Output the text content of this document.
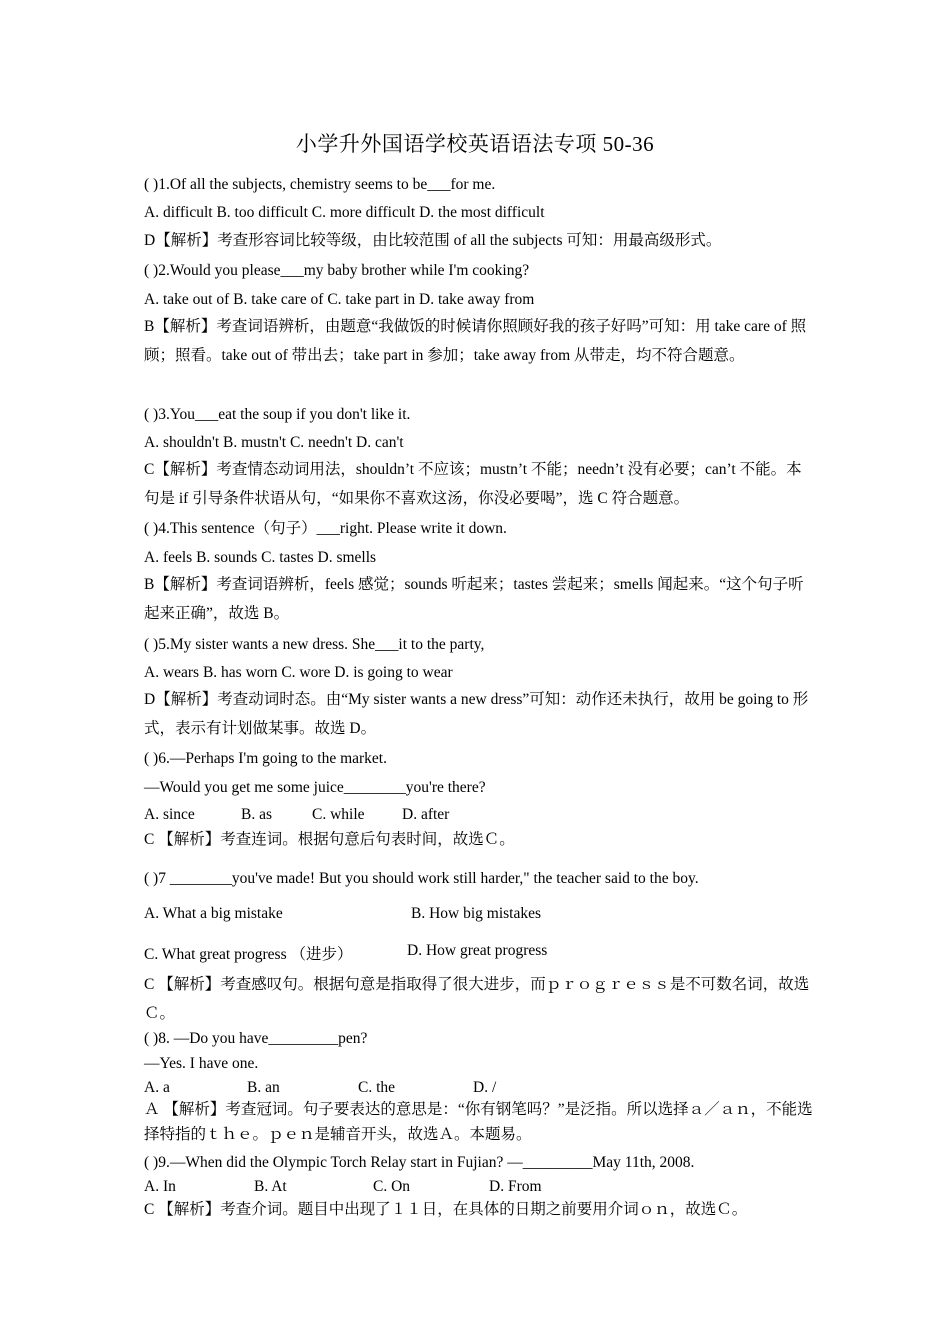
小学升外国语学校英语语法专项 50-36
( )1.Of all the subjects, chemistry seems to be___for me.
A. difficult B. too difficult C. more difficult D. the most difficult
D【解析】考查形容词比较等级，由比较范围 of all the subjects 可知：用最高级形式。
( )2.Would you please___my baby brother while I'm cooking?
A. take out of B. take care of C. take part in D. take away from
B【解析】考查词语辨析，由题意“我做饭的时候请你照顾好我的孩子好吗”可知：用 take care of 照顾；照看。take out of 带出去；take part in 参加；take away from 从带走，均不符合题意。
( )3.You___eat the soup if you don't like it.
A. shouldn't B. mustn't C. needn't D. can't
C【解析】考查情态动词用法，shouldn’t 不应该；mustn’t 不能；needn’t 没有必要；can’t 不能。本句是 if 引导条件状语从句，“如果你不喜欢这汤，你没必要喝”，选 C 符合题意。
( )4.This sentence（句子）___right. Please write it down.
A. feels B. sounds C. tastes D. smells
B【解析】考查词语辨析，feels 感觉；sounds 听起来；tastes 尝起来；smells 闻起来。“这个句子听起来正确”，故选 B。
( )5.My sister wants a new dress. She___it to the party,
A. wears B. has worn C. wore D. is going to wear
D【解析】考查动词时态。由“My sister wants a new dress”可知：动作还未执行，故用 be going to 形式，表示有计划做某事。故选 D。
( )6.—Perhaps I'm going to the market.
—Would you get me some juice________you're there?
A. since	B. as	C. while D. after
C 【解析】考查连词。根据句意后句表时间，故选Ｃ。
( )7 ________you've made! But you should work still harder," the teacher said to the boy.
A. What a big mistake	B. How big mistakes
C. What great progress （进步）	D. How great progress
C 【解析】考查感叹句。根据句意是指取得了很大进步，而ｐｒｏｇｒｅｓｓ是不可数名词，故选Ｃ。
( )8. —Do you have_________pen?
—Yes. I have one.
A. a	B. an	C. the	D. /
Ａ 【解析】考查冠词。句子要表达的意思是：“你有钢笔吗？”是泛指。所以选择ａ／ａｎ，不能选择特指的ｔｈｅ。ｐｅｎ是辅音开头，故选Ａ。本题易。
( )9.—When did the Olympic Torch Relay start in Fujian? —_________May 11th, 2008.
A. In	B. At	C. On	D. From
C 【解析】考查介词。题目中出现了１１日，在具体的日期之前要用介词ｏｎ，故选Ｃ。
